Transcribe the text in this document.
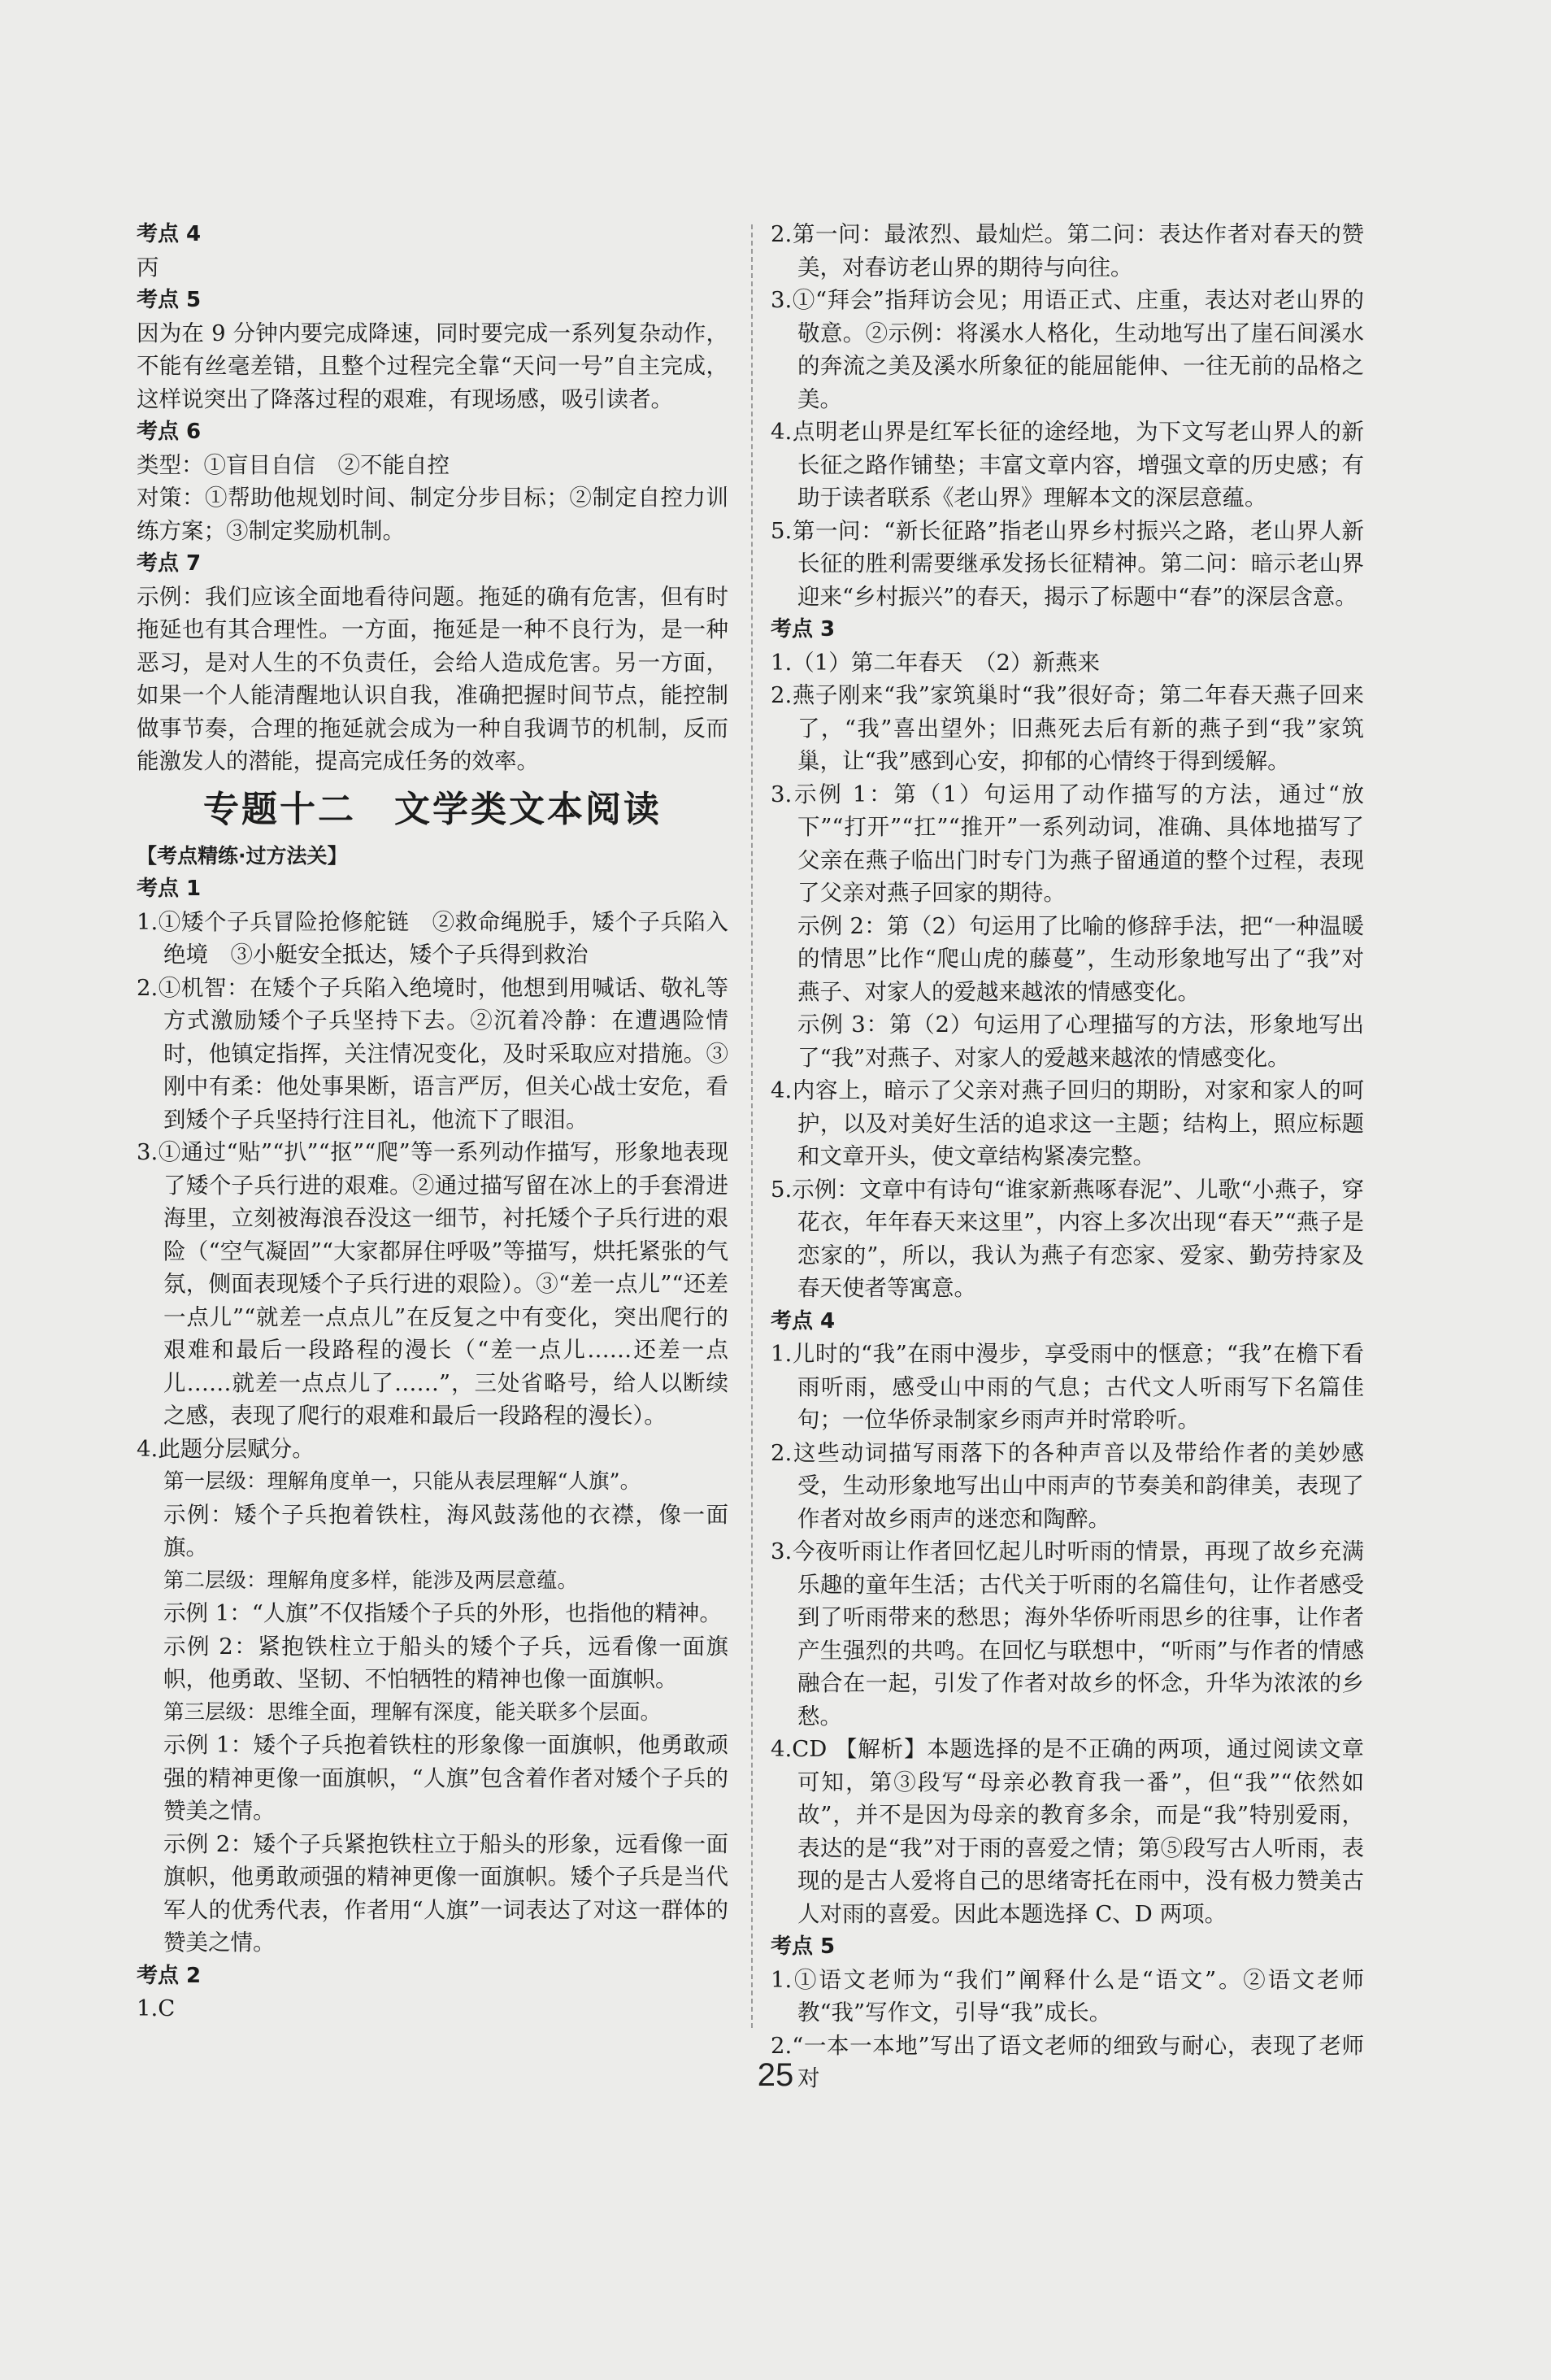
考点 4
丙
考点 5
因为在 9 分钟内要完成降速，同时要完成一系列复杂动作，不能有丝毫差错，且整个过程完全靠“天问一号”自主完成，这样说突出了降落过程的艰难，有现场感，吸引读者。
考点 6
类型：①盲目自信　②不能自控
对策：①帮助他规划时间、制定分步目标；②制定自控力训练方案；③制定奖励机制。
考点 7
示例：我们应该全面地看待问题。拖延的确有危害，但有时拖延也有其合理性。一方面，拖延是一种不良行为，是一种恶习，是对人生的不负责任，会给人造成危害。另一方面，如果一个人能清醒地认识自我，准确把握时间节点，能控制做事节奏，合理的拖延就会成为一种自我调节的机制，反而能激发人的潜能，提高完成任务的效率。
专题十二　文学类文本阅读
【考点精练·过方法关】
考点 1
1.①矮个子兵冒险抢修舵链　②救命绳脱手，矮个子兵陷入绝境　③小艇安全抵达，矮个子兵得到救治
2.①机智：在矮个子兵陷入绝境时，他想到用喊话、敬礼等方式激励矮个子兵坚持下去。②沉着冷静：在遭遇险情时，他镇定指挥，关注情况变化，及时采取应对措施。③刚中有柔：他处事果断，语言严厉，但关心战士安危，看到矮个子兵坚持行注目礼，他流下了眼泪。
3.①通过“贴”“扒”“抠”“爬”等一系列动作描写，形象地表现了矮个子兵行进的艰难。②通过描写留在冰上的手套滑进海里，立刻被海浪吞没这一细节，衬托矮个子兵行进的艰险（“空气凝固”“大家都屏住呼吸”等描写，烘托紧张的气氛，侧面表现矮个子兵行进的艰险）。③“差一点儿”“还差一点儿”“就差一点点儿”在反复之中有变化，突出爬行的艰难和最后一段路程的漫长（“差一点儿……还差一点儿……就差一点点儿了……”，三处省略号，给人以断续之感，表现了爬行的艰难和最后一段路程的漫长）。
4.此题分层赋分。
第一层级：理解角度单一，只能从表层理解“人旗”。
示例：矮个子兵抱着铁柱，海风鼓荡他的衣襟，像一面旗。
第二层级：理解角度多样，能涉及两层意蕴。
示例 1：“人旗”不仅指矮个子兵的外形，也指他的精神。
示例 2：紧抱铁柱立于船头的矮个子兵，远看像一面旗帜，他勇敢、坚韧、不怕牺牲的精神也像一面旗帜。
第三层级：思维全面，理解有深度，能关联多个层面。
示例 1：矮个子兵抱着铁柱的形象像一面旗帜，他勇敢顽强的精神更像一面旗帜，“人旗”包含着作者对矮个子兵的赞美之情。
示例 2：矮个子兵紧抱铁柱立于船头的形象，远看像一面旗帜，他勇敢顽强的精神更像一面旗帜。矮个子兵是当代军人的优秀代表，作者用“人旗”一词表达了对这一群体的赞美之情。
考点 2
1.C
2.第一问：最浓烈、最灿烂。第二问：表达作者对春天的赞美，对春访老山界的期待与向往。
3.①“拜会”指拜访会见；用语正式、庄重，表达对老山界的敬意。②示例：将溪水人格化，生动地写出了崖石间溪水的奔流之美及溪水所象征的能屈能伸、一往无前的品格之美。
4.点明老山界是红军长征的途经地，为下文写老山界人的新长征之路作铺垫；丰富文章内容，增强文章的历史感；有助于读者联系《老山界》理解本文的深层意蕴。
5.第一问：“新长征路”指老山界乡村振兴之路，老山界人新长征的胜利需要继承发扬长征精神。第二问：暗示老山界迎来“乡村振兴”的春天，揭示了标题中“春”的深层含意。
考点 3
1.（1）第二年春天　（2）新燕来
2.燕子刚来“我”家筑巢时“我”很好奇；第二年春天燕子回来了，“我”喜出望外；旧燕死去后有新的燕子到“我”家筑巢，让“我”感到心安，抑郁的心情终于得到缓解。
3.示例 1：第（1）句运用了动作描写的方法，通过“放下”“打开”“扛”“推开”一系列动词，准确、具体地描写了父亲在燕子临出门时专门为燕子留通道的整个过程，表现了父亲对燕子回家的期待。
示例 2：第（2）句运用了比喻的修辞手法，把“一种温暖的情思”比作“爬山虎的藤蔓”，生动形象地写出了“我”对燕子、对家人的爱越来越浓的情感变化。
示例 3：第（2）句运用了心理描写的方法，形象地写出了“我”对燕子、对家人的爱越来越浓的情感变化。
4.内容上，暗示了父亲对燕子回归的期盼，对家和家人的呵护，以及对美好生活的追求这一主题；结构上，照应标题和文章开头，使文章结构紧凑完整。
5.示例：文章中有诗句“谁家新燕啄春泥”、儿歌“小燕子，穿花衣，年年春天来这里”，内容上多次出现“春天”“燕子是恋家的”，所以，我认为燕子有恋家、爱家、勤劳持家及春天使者等寓意。
考点 4
1.儿时的“我”在雨中漫步，享受雨中的惬意；“我”在檐下看雨听雨，感受山中雨的气息；古代文人听雨写下名篇佳句；一位华侨录制家乡雨声并时常聆听。
2.这些动词描写雨落下的各种声音以及带给作者的美妙感受，生动形象地写出山中雨声的节奏美和韵律美，表现了作者对故乡雨声的迷恋和陶醉。
3.今夜听雨让作者回忆起儿时听雨的情景，再现了故乡充满乐趣的童年生活；古代关于听雨的名篇佳句，让作者感受到了听雨带来的愁思；海外华侨听雨思乡的往事，让作者产生强烈的共鸣。在回忆与联想中，“听雨”与作者的情感融合在一起，引发了作者对故乡的怀念，升华为浓浓的乡愁。
4.CD 【解析】本题选择的是不正确的两项，通过阅读文章可知，第③段写“母亲必教育我一番”，但“我”“依然如故”，并不是因为母亲的教育多余，而是“我”特别爱雨，表达的是“我”对于雨的喜爱之情；第⑤段写古人听雨，表现的是古人爱将自己的思绪寄托在雨中，没有极力赞美古人对雨的喜爱。因此本题选择 C、D 两项。
考点 5
1.①语文老师为“我们”阐释什么是“语文”。②语文老师教“我”写作文，引导“我”成长。
2.“一本一本地”写出了语文老师的细致与耐心，表现了老师对
25
